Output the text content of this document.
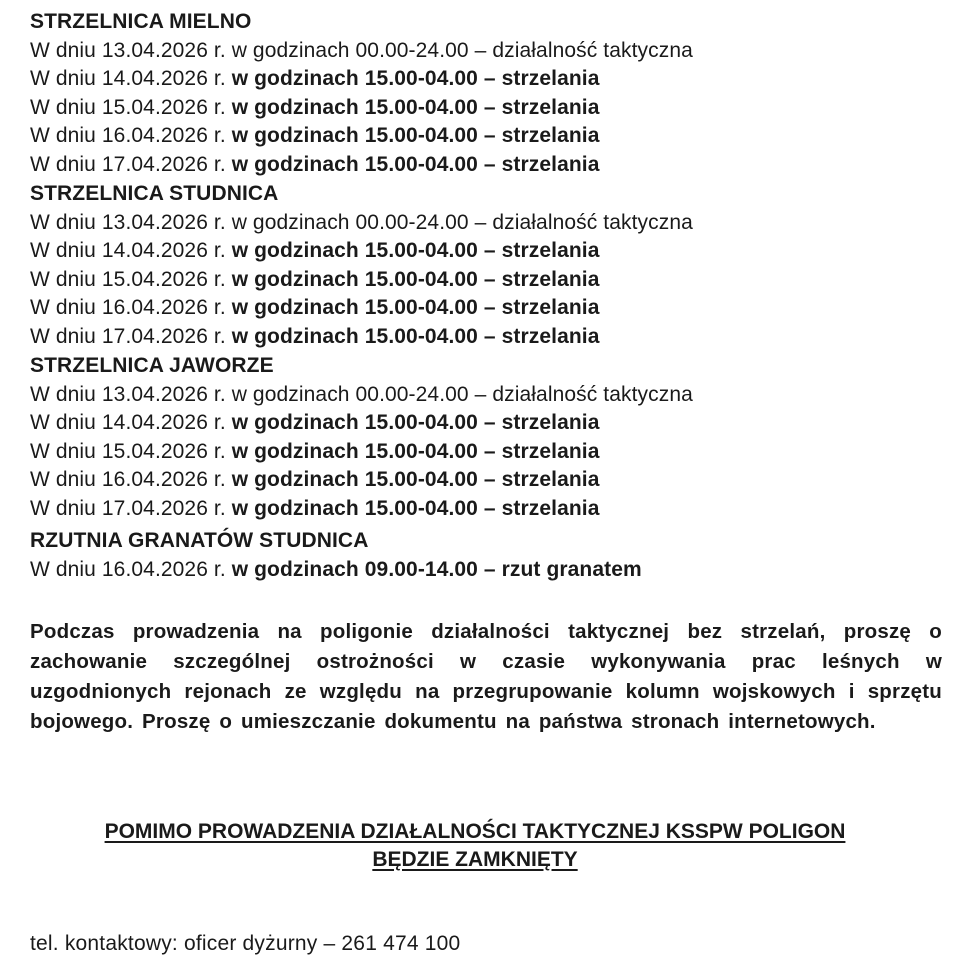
STRZELNICA MIELNO
W dniu 13.04.2026 r. w godzinach 00.00-24.00 – działalność taktyczna
W dniu 14.04.2026 r. w godzinach 15.00-04.00 – strzelania
W dniu 15.04.2026 r. w godzinach 15.00-04.00 – strzelania
W dniu 16.04.2026 r. w godzinach 15.00-04.00 – strzelania
W dniu 17.04.2026 r. w godzinach 15.00-04.00 – strzelania
STRZELNICA STUDNICA
W dniu 13.04.2026 r. w godzinach 00.00-24.00 – działalność taktyczna
W dniu 14.04.2026 r. w godzinach 15.00-04.00 – strzelania
W dniu 15.04.2026 r. w godzinach 15.00-04.00 – strzelania
W dniu 16.04.2026 r. w godzinach 15.00-04.00 – strzelania
W dniu 17.04.2026 r. w godzinach 15.00-04.00 – strzelania
STRZELNICA JAWORZE
W dniu 13.04.2026 r. w godzinach 00.00-24.00 – działalność taktyczna
W dniu 14.04.2026 r. w godzinach 15.00-04.00 – strzelania
W dniu 15.04.2026 r. w godzinach 15.00-04.00 – strzelania
W dniu 16.04.2026 r. w godzinach 15.00-04.00 – strzelania
W dniu 17.04.2026 r. w godzinach 15.00-04.00 – strzelania
RZUTNIA GRANATÓW STUDNICA
W dniu 16.04.2026 r. w godzinach 09.00-14.00 – rzut granatem
Podczas prowadzenia na poligonie działalności taktycznej bez strzelań, proszę o zachowanie szczególnej ostrożności w czasie wykonywania prac leśnych w uzgodnionych rejonach ze względu na przegrupowanie kolumn wojskowych i sprzętu bojowego. Proszę o umieszczanie dokumentu na państwa stronach internetowych.
POMIMO PROWADZENIA DZIAŁALNOŚCI TAKTYCZNEJ KSSPW POLIGON
BĘDZIE ZAMKNIĘTY
tel. kontaktowy: oficer dyżurny – 261 474 100
